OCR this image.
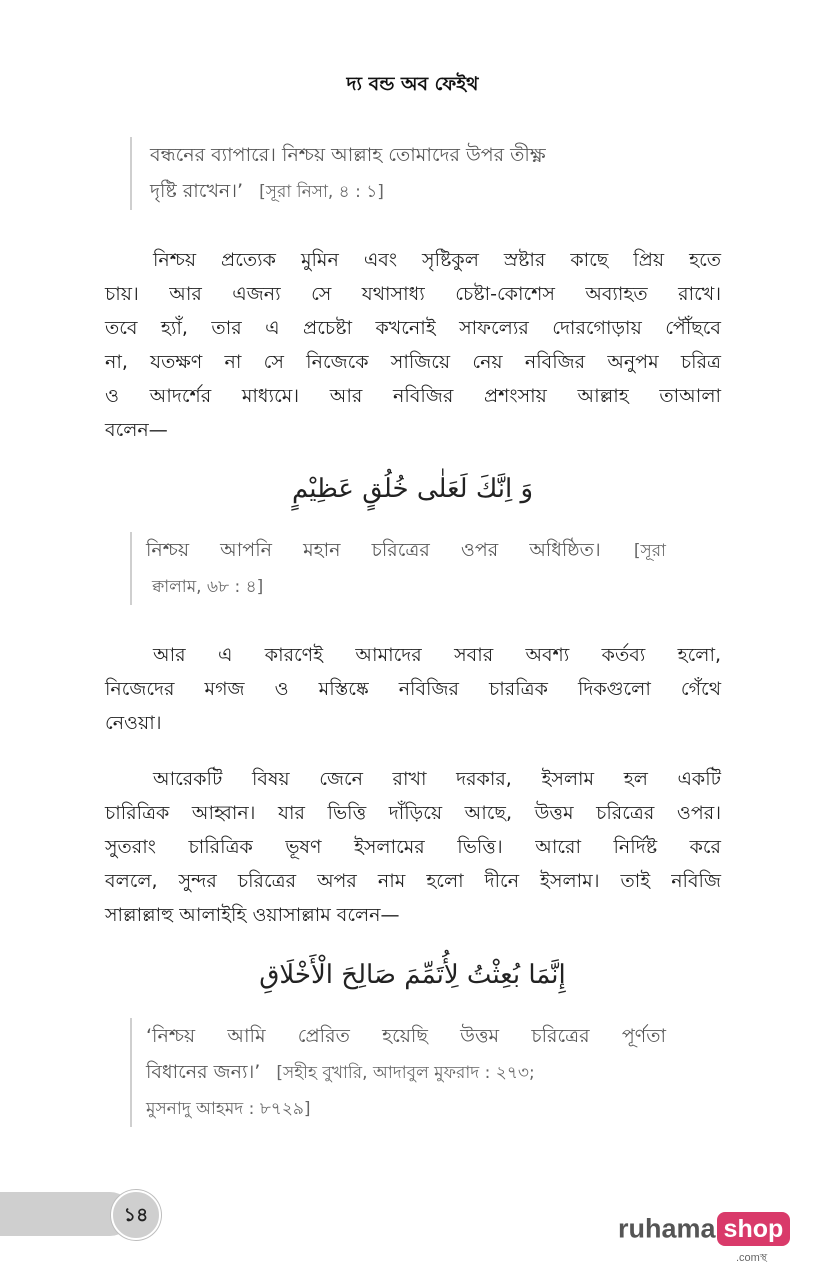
দ্য বন্ড অব ফেইথ
বন্ধনের ব্যাপারে। নিশ্চয় আল্লাহ তোমাদের উপর তীক্ষ্ণ
দৃষ্টি রাখেন।’ [সূরা নিসা, ৪ : ১]
নিশ্চয় প্রত্যেক মুমিন এবং সৃষ্টিকুল স্রষ্টার কাছে প্রিয় হতে
চায়। আর এজন্য সে যথাসাধ্য চেষ্টা-কোশেস অব্যাহত রাখে।
তবে হ্যাঁ, তার এ প্রচেষ্টা কখনোই সাফল্যের দোরগোড়ায় পৌঁছবে
না, যতক্ষণ না সে নিজেকে সাজিয়ে নেয় নবিজির অনুপম চরিত্র
ও আদর্শের মাধ্যমে। আর নবিজির প্রশংসায় আল্লাহ তাআলা
বলেন—
وَ اِنَّكَ لَعَلٰى خُلُقٍ عَظِيْمٍ
নিশ্চয় আপনি মহান চরিত্রের ওপর অধিষ্ঠিত। [সূরা
ক্বালাম, ৬৮ : ৪]
আর এ কারণেই আমাদের সবার অবশ্য কর্তব্য হলো,
নিজেদের মগজ ও মস্তিষ্কে নবিজির চারত্রিক দিকগুলো গেঁথে
নেওয়া।
আরেকটি বিষয় জেনে রাখা দরকার, ইসলাম হল একটি
চারিত্রিক আহ্বান। যার ভিত্তি দাঁড়িয়ে আছে, উত্তম চরিত্রের ওপর।
সুতরাং চারিত্রিক ভূষণ ইসলামের ভিত্তি। আরো নির্দিষ্ট করে
বললে, সুন্দর চরিত্রের অপর নাম হলো দীনে ইসলাম। তাই নবিজি
সাল্লাল্লাহু আলাইহি ওয়াসাল্লাম বলেন—
إِنَّمَا بُعِثْتُ لِأُتَمِّمَ صَالِحَ الْأَخْلَاقِ
‘নিশ্চয় আমি প্রেরিত হয়েছি উত্তম চরিত্রের পূর্ণতা
বিধানের জন্য।’ [সহীহ বুখারি, আদাবুল মুফরাদ : ২৭৩;
মুসনাদু আহমদ : ৮৭২৯]
১৪	ruhama shop
.comস্থ
